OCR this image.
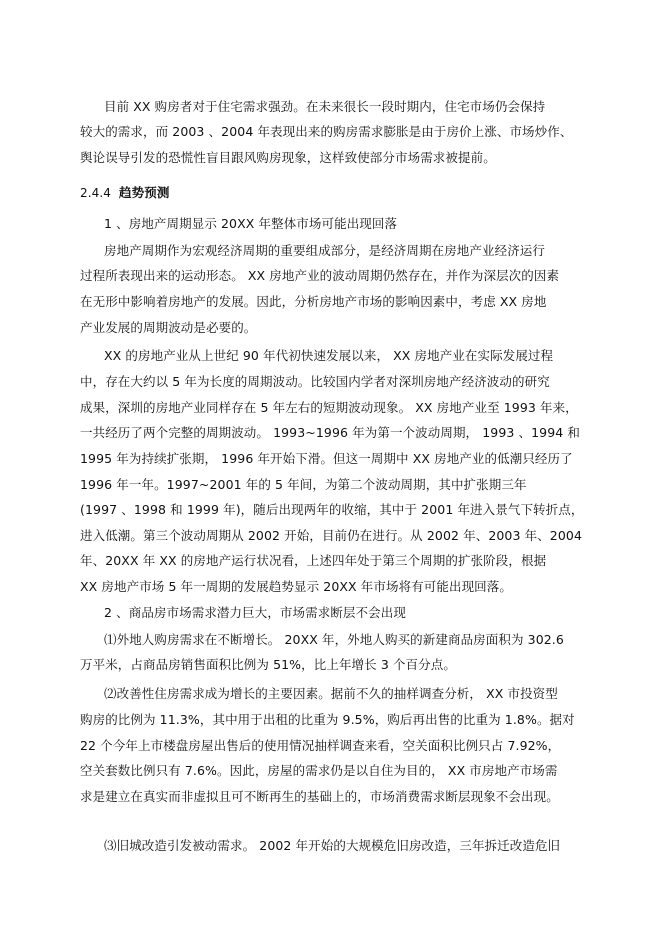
目前 XX 购房者对于住宅需求强劲。在未来很长一段时期内，住宅市场仍会保持
较大的需求，而 2003 、2004 年表现出来的购房需求膨胀是由于房价上涨、市场炒作、
舆论误导引发的恐慌性盲目跟风购房现象，这样致使部分市场需求被提前。
2.4.4 趋势预测
1 、房地产周期显示 20XX 年整体市场可能出现回落
房地产周期作为宏观经济周期的重要组成部分，是经济周期在房地产业经济运行
过程所表现出来的运动形态。 XX 房地产业的波动周期仍然存在，并作为深层次的因素
在无形中影响着房地产的发展。因此，分析房地产市场的影响因素中，考虑 XX 房地
产业发展的周期波动是必要的。
XX 的房地产业从上世纪 90 年代初快速发展以来， XX 房地产业在实际发展过程
中，存在大约以 5 年为长度的周期波动。比较国内学者对深圳房地产经济波动的研究
成果，深圳的房地产业同样存在 5 年左右的短期波动现象。 XX 房地产业至 1993 年来，
一共经历了两个完整的周期波动。 1993~1996 年为第一个波动周期， 1993 、1994 和
1995 年为持续扩张期， 1996 年开始下滑。但这一周期中 XX 房地产业的低潮只经历了
1996 年一年。1997~2001 年的 5 年间，为第二个波动周期，其中扩张期三年
(1997 、1998 和 1999 年)，随后出现两年的收缩，其中于 2001 年进入景气下转折点，
进入低潮。第三个波动周期从 2002 开始，目前仍在进行。从 2002 年、2003 年、2004
年、20XX 年 XX 的房地产运行状况看，上述四年处于第三个周期的扩张阶段，根据
XX 房地产市场 5 年一周期的发展趋势显示 20XX 年市场将有可能出现回落。
2 、商品房市场需求潜力巨大，市场需求断层不会出现
⑴外地人购房需求在不断增长。 20XX 年，外地人购买的新建商品房面积为 302.6
万平米，占商品房销售面积比例为 51%，比上年增长 3 个百分点。
⑵改善性住房需求成为增长的主要因素。据前不久的抽样调查分析， XX 市投资型
购房的比例为 11.3%，其中用于出租的比重为 9.5%，购后再出售的比重为 1.8%。据对
22 个今年上市楼盘房屋出售后的使用情况抽样调查来看，空关面积比例只占 7.92%，
空关套数比例只有 7.6%。因此，房屋的需求仍是以自住为目的， XX 市房地产市场需
求是建立在真实而非虚拟且可不断再生的基础上的，市场消费需求断层现象不会出现。
⑶旧城改造引发被动需求。 2002 年开始的大规模危旧房改造，三年拆迁改造危旧
